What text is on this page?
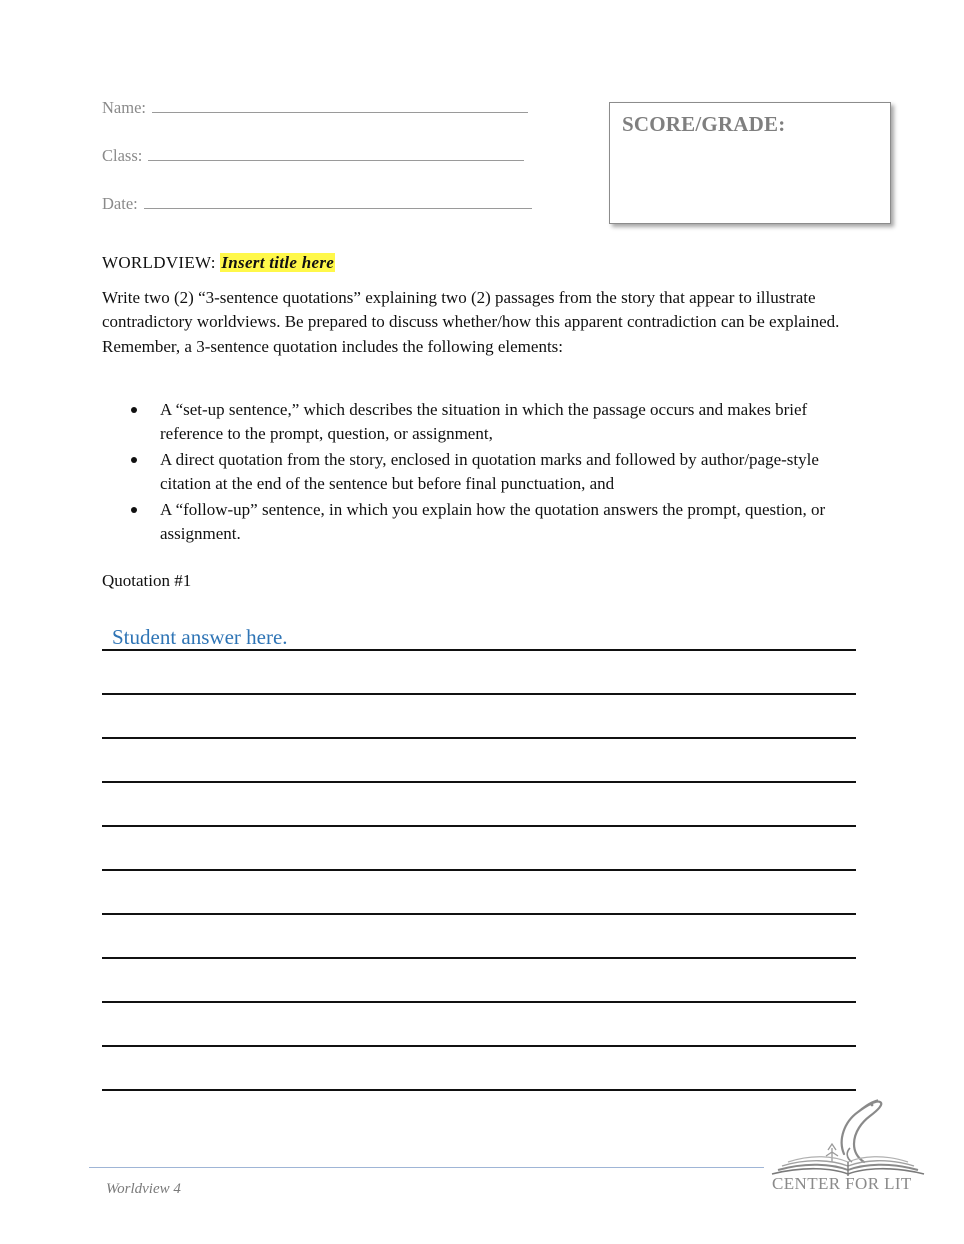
Name:
Class:
Date:
SCORE/GRADE:
WORLDVIEW: Insert title here

Write two (2) “3-sentence quotations” explaining two (2) passages from the story that appear to illustrate contradictory worldviews. Be prepared to discuss whether/how this apparent contradiction can be explained. Remember, a 3-sentence quotation includes the following elements:

A “set-up sentence,” which describes the situation in which the passage occurs and makes brief reference to the prompt, question, or assignment,
A direct quotation from the story, enclosed in quotation marks and followed by author/page-style citation at the end of the sentence but before final punctuation, and
A “follow-up” sentence, in which you explain how the quotation answers the prompt, question, or assignment.
Quotation #1
Student answer here.
Worldview 4	CENTER FOR LIT
